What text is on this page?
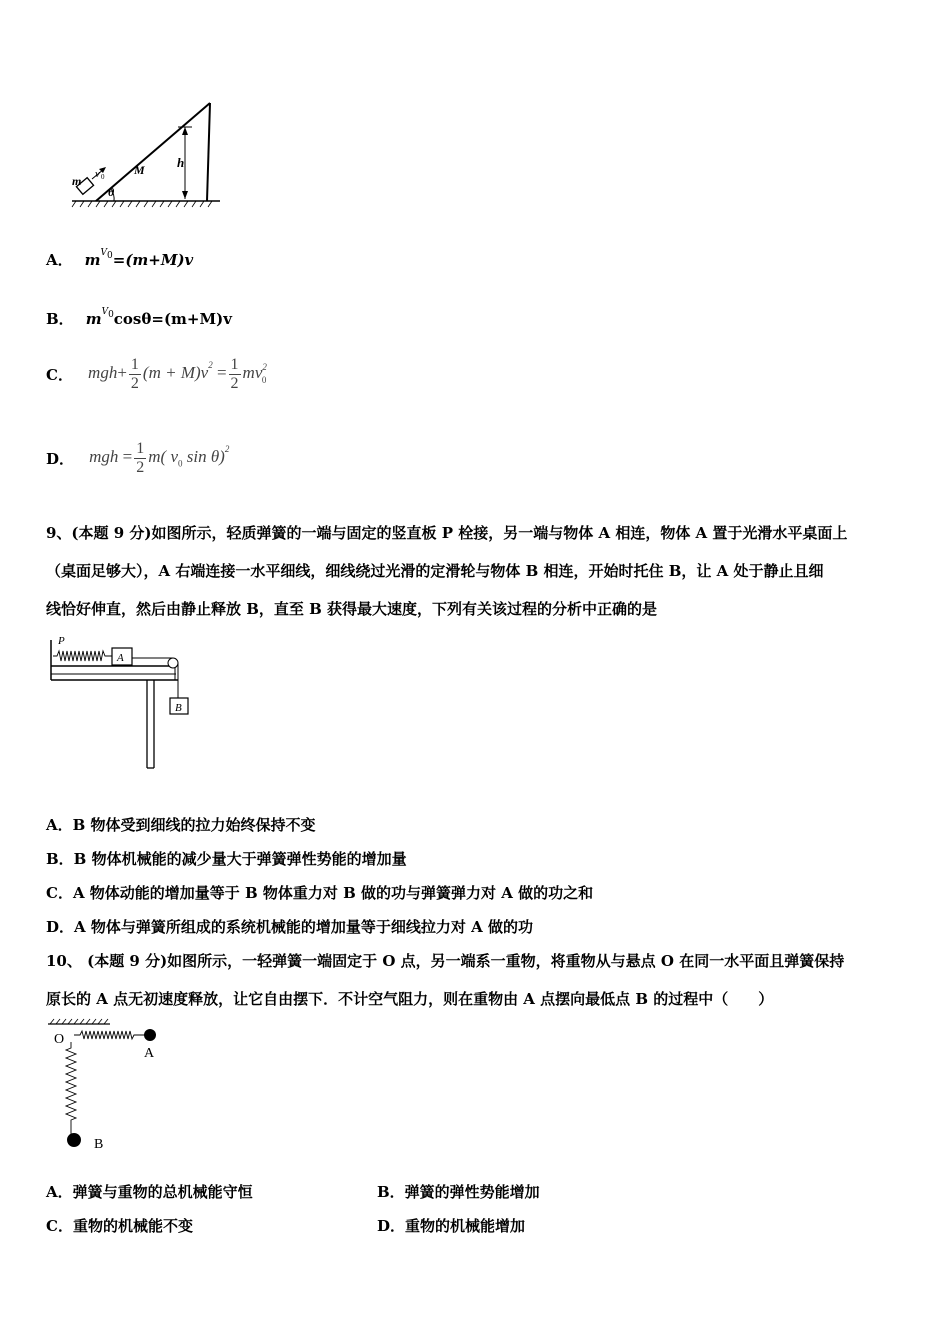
m v 0 M
θ
h
A． $m^{V_0}=(m+M)v$
B． $m^{V_0}\cos\theta=(m+M)v$
C． $mgh+ \frac{1}{2} (m + M)v^2 = \frac{1}{2} mv^2_0$
D． mgh = $\frac{1}{2} m$( $v_0$ sin θ)$^2$
9、(本题 9 分)如图所示，轻质弹簧的一端与固定的竖直板 P 栓接，另一端与物体 A 相连，物体 A 置于光滑水平桌面上
（桌面足够大），A 右端连接一水平细线，细线绕过光滑的定滑轮与物体 B 相连，开始时托住 B，让 A 处于静止且细
线恰好伸直，然后由静止释放 B，直至 B 获得最大速度，下列有关该过程的分析中正确的是
P
A
B
A．B 物体受到细线的拉力始终保持不变
B．B 物体机械能的减少量大于弹簧弹性势能的增加量
C．A 物体动能的增加量等于 B 物体重力对 B 做的功与弹簧弹力对 A 做的功之和
D．A 物体与弹簧所组成的系统机械能的增加量等于细线拉力对 A 做的功
10、 (本题 9 分)如图所示，一轻弹簧一端固定于 O 点，另一端系一重物，将重物从与悬点 O 在同一水平面且弹簧保持
原长的 A 点无初速度释放，让它自由摆下．不计空气阻力，则在重物由 A 点摆向最低点 B 的过程中（　　）
O
A
B
A．弹簧与重物的总机械能守恒	B．弹簧的弹性势能增加
C．重物的机械能不变	D．重物的机械能增加
